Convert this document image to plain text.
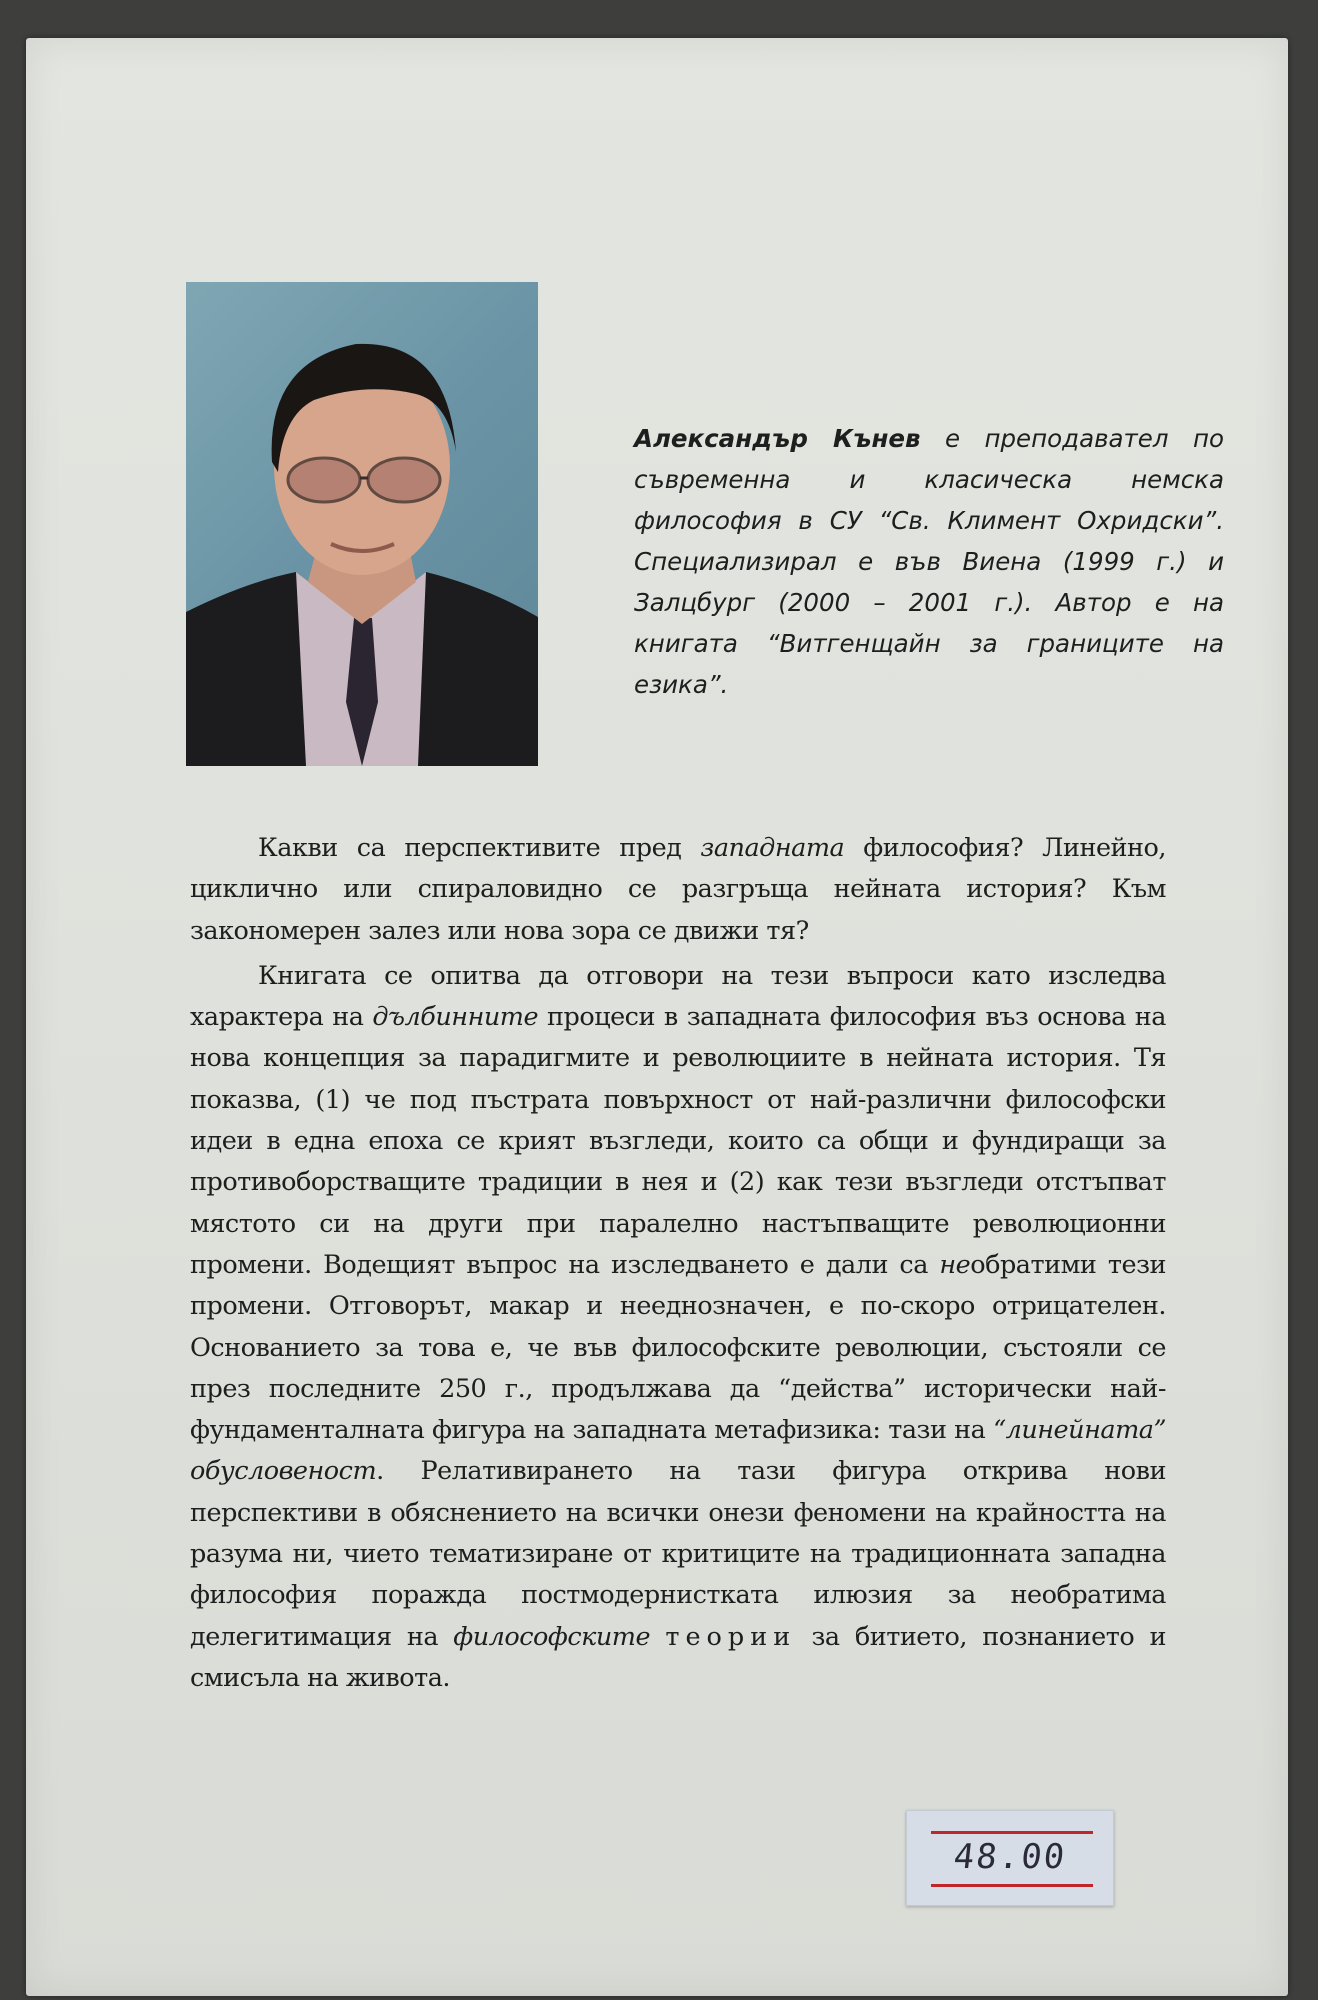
Александър Кънев е преподавател по съвременна и класическа немска философия в СУ “Св. Климент Охридски”. Специализирал е във Виена (1999 г.) и Залцбург (2000 – 2001 г.). Автор е на книгата “Витгенщайн за границите на езика”.

Какви са перспективите пред западната философия? Линейно, циклично или спираловидно се разгръща нейната история? Към закономерен залез или нова зора се движи тя?

Книгата се опитва да отговори на тези въпроси като изследва характера на дълбинните процеси в западната философия въз основа на нова концепция за парадигмите и революциите в нейната история. Тя показва, (1) че под пъстрата повърхност от най-различни философски идеи в една епоха се крият възгледи, които са общи и фундиращи за противоборстващите традиции в нея и (2) как тези възгледи отстъпват мястото си на други при паралелно настъпващите революционни промени. Водещият въпрос на изследването е дали са необратими тези промени. Отговорът, макар и нееднозначен, е по-скоро отрицателен. Основанието за това е, че във философските революции, състояли се през последните 250 г., продължава да “действа” исторически най-фундаменталната фигура на западната метафизика: тази на “линейната” обусловеност. Релативирането на тази фигура открива нови перспективи в обяснението на всички онези феномени на крайността на разума ни, чието тематизиране от критиците на традиционната западна философия поражда постмодернистката илюзия за необратима делегитимация на философските теории за битието, познанието и смисъла на живота.

48.00
